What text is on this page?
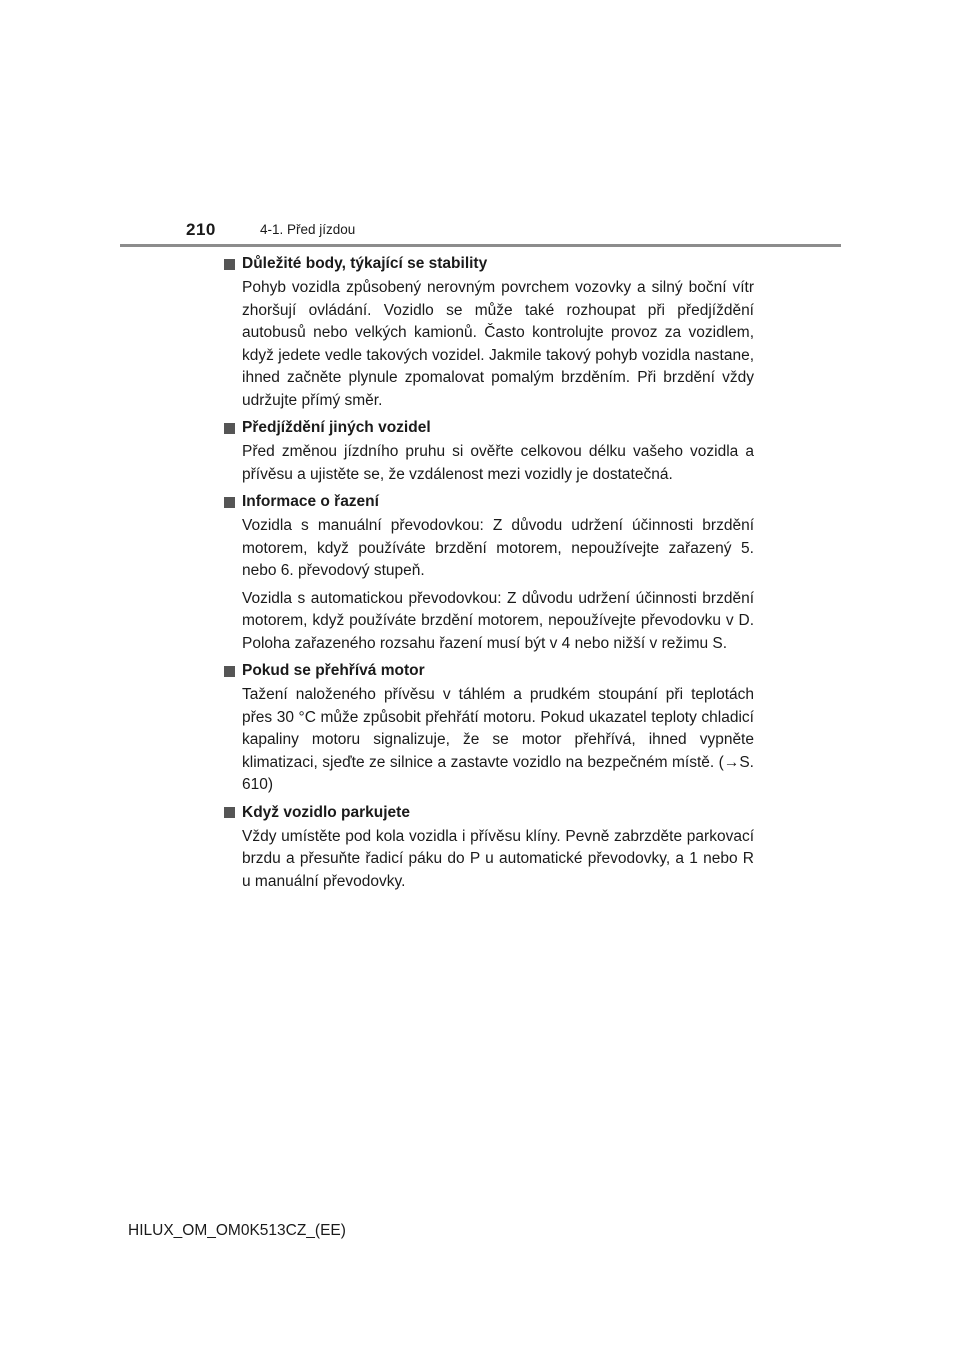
210	4-1. Před jízdou
Důležité body, týkající se stability

Pohyb vozidla způsobený nerovným povrchem vozovky a silný boční vítr zhoršují ovládání. Vozidlo se může také rozhoupat při předjíždění autobusů nebo velkých kamionů. Často kontrolujte provoz za vozidlem, když jedete vedle takových vozidel. Jakmile takový pohyb vozidla nastane, ihned začněte plynule zpomalovat pomalým brzděním. Při brzdění vždy udržujte přímý směr.

Předjíždění jiných vozidel

Před změnou jízdního pruhu si ověřte celkovou délku vašeho vozidla a přívěsu a ujistěte se, že vzdálenost mezi vozidly je dostatečná.

Informace o řazení

Vozidla s manuální převodovkou: Z důvodu udržení účinnosti brzdění motorem, když používáte brzdění motorem, nepoužívejte zařazený 5. nebo 6. převodový stupeň.

Vozidla s automatickou převodovkou: Z důvodu udržení účinnosti brzdění motorem, když používáte brzdění motorem, nepoužívejte převodovku v D. Poloha zařazeného rozsahu řazení musí být v 4 nebo nižší v režimu S.

Pokud se přehřívá motor

Tažení naloženého přívěsu v táhlém a prudkém stoupání při teplotách přes 30 °C může způsobit přehřátí motoru. Pokud ukazatel teploty chladicí kapaliny motoru signalizuje, že se motor přehřívá, ihned vypněte klimatizaci, sjeďte ze silnice a zastavte vozidlo na bezpečném místě. (→S. 610)

Když vozidlo parkujete

Vždy umístěte pod kola vozidla i přívěsu klíny. Pevně zabrzděte parkovací brzdu a přesuňte řadicí páku do P u automatické převodovky, a 1 nebo R u manuální převodovky.

HILUX_OM_OM0K513CZ_(EE)
